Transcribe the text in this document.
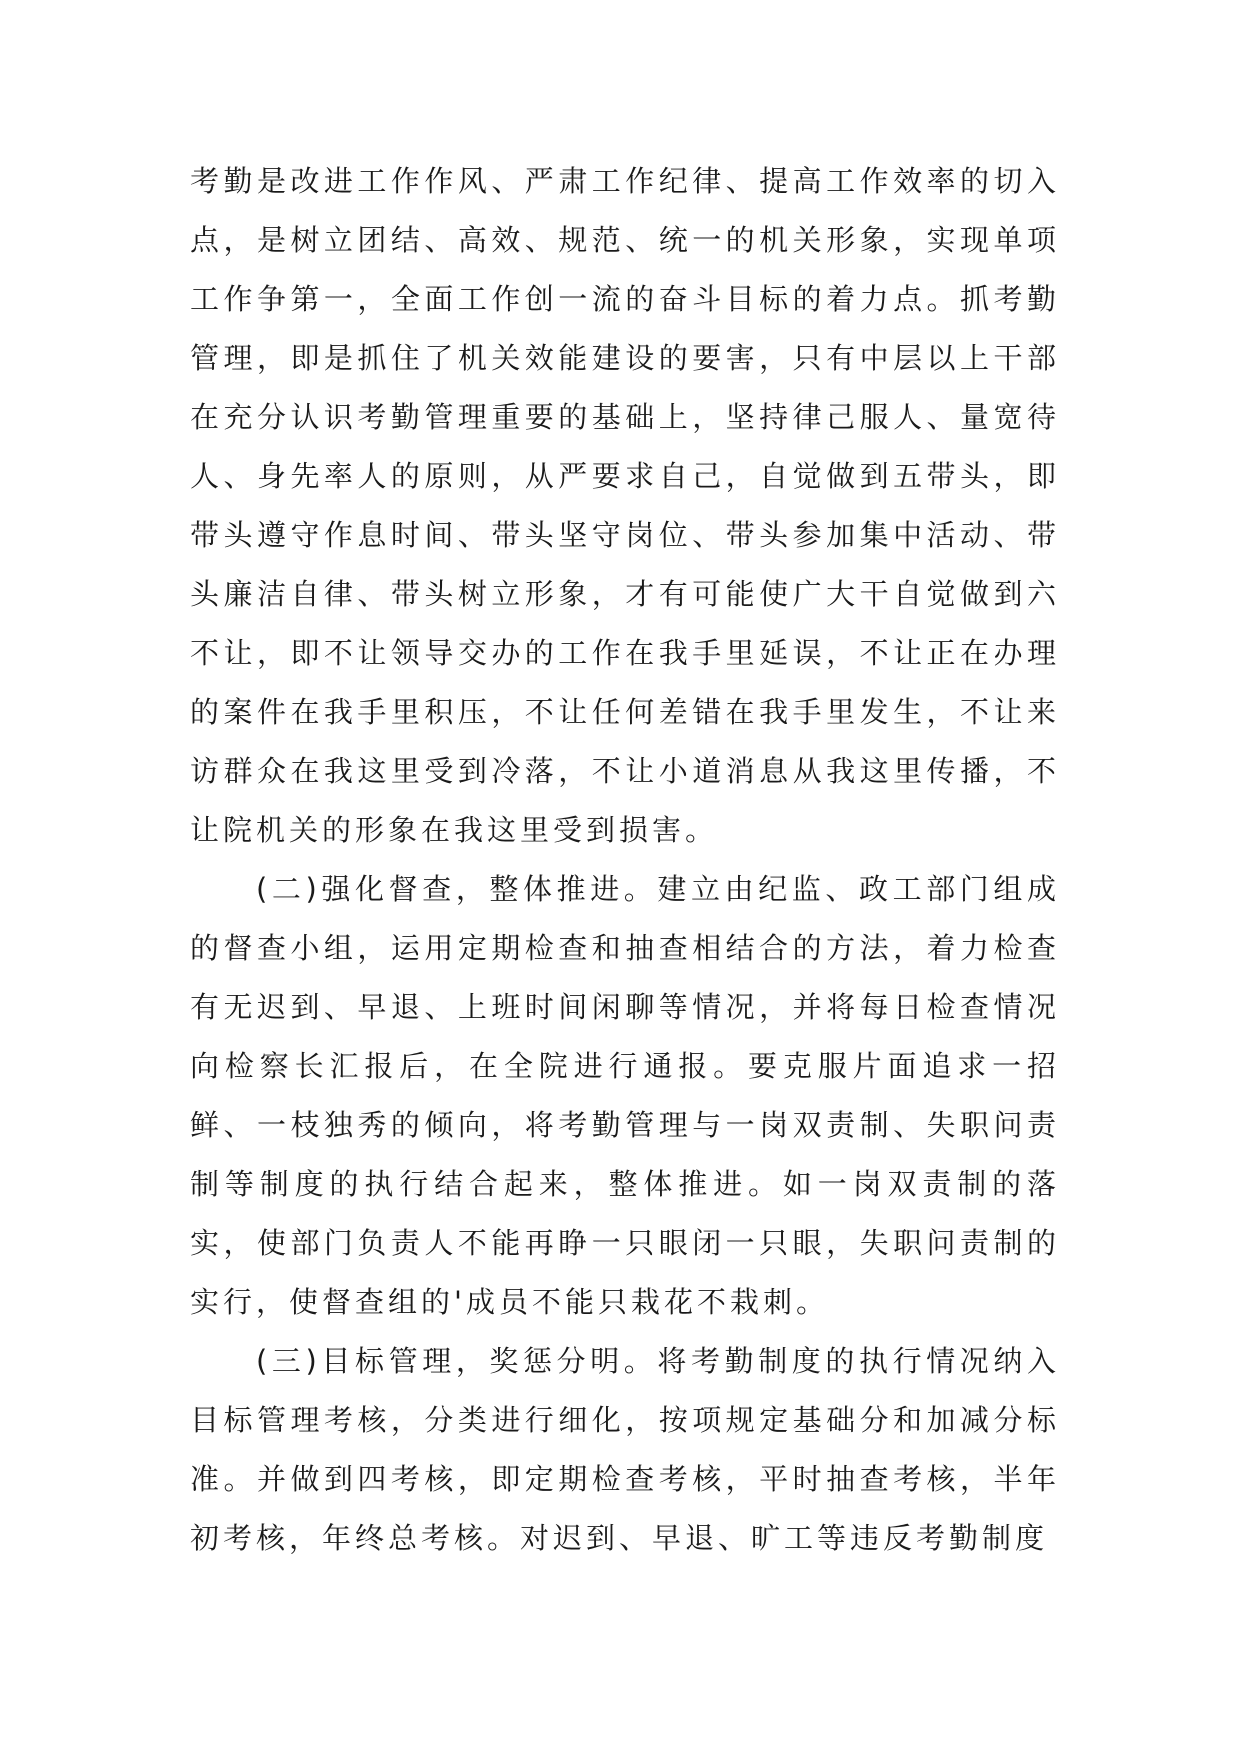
考勤是改进工作作风、严肃工作纪律、提高工作效率的切入点，是树立团结、高效、规范、统一的机关形象，实现单项工作争第一，全面工作创一流的奋斗目标的着力点。抓考勤管理，即是抓住了机关效能建设的要害，只有中层以上干部在充分认识考勤管理重要的基础上，坚持律己服人、量宽待人、身先率人的原则，从严要求自己，自觉做到五带头，即带头遵守作息时间、带头坚守岗位、带头参加集中活动、带头廉洁自律、带头树立形象，才有可能使广大干自觉做到六不让，即不让领导交办的工作在我手里延误，不让正在办理的案件在我手里积压，不让任何差错在我手里发生，不让来访群众在我这里受到冷落，不让小道消息从我这里传播，不让院机关的形象在我这里受到损害。

(二)强化督查，整体推进。建立由纪监、政工部门组成的督查小组，运用定期检查和抽查相结合的方法，着力检查有无迟到、早退、上班时间闲聊等情况，并将每日检查情况向检察长汇报后，在全院进行通报。要克服片面追求一招鲜、一枝独秀的倾向，将考勤管理与一岗双责制、失职问责制等制度的执行结合起来，整体推进。如一岗双责制的落实，使部门负责人不能再睁一只眼闭一只眼，失职问责制的实行，使督查组的'成员不能只栽花不栽刺。

(三)目标管理，奖惩分明。将考勤制度的执行情况纳入目标管理考核，分类进行细化，按项规定基础分和加减分标准。并做到四考核，即定期检查考核，平时抽查考核，半年初考核，年终总考核。对迟到、早退、旷工等违反考勤制度
